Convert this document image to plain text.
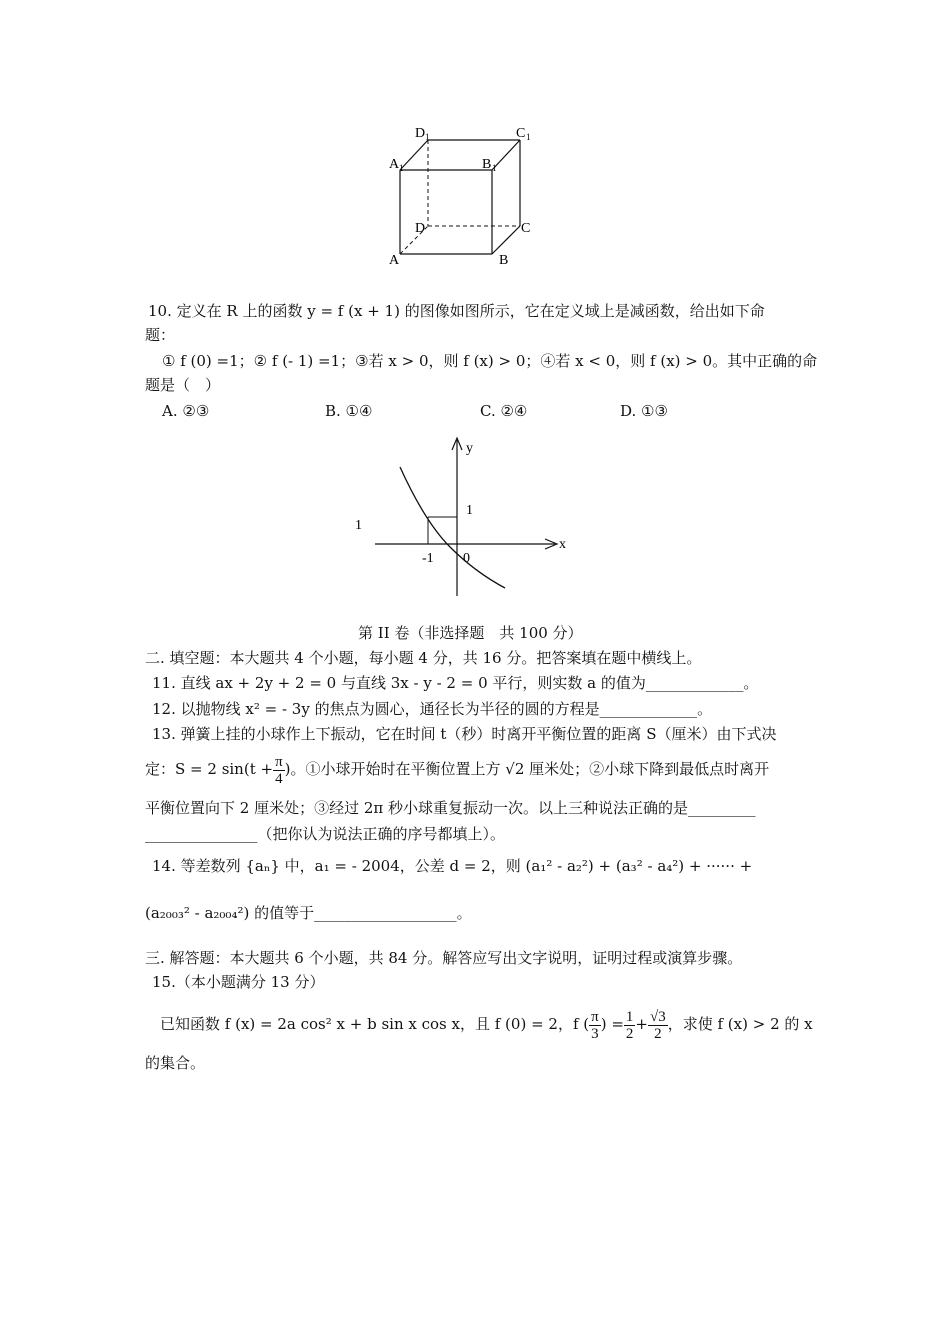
D 1	C 1
A 1	B 1
D	C
A	B
10. 定义在 R 上的函数 y = f (x + 1) 的图像如图所示，它在定义域上是减函数，给出如下命
题：
① f (0) =1；② f (- 1) =1；③若 x > 0，则 f (x) > 0；④若 x < 0，则 f (x) > 0。其中正确的命
题是（　）
A. ②③	B. ①④	C. ②④	D. ①③
y
x
1
1
-1 0
第 II 卷（非选择题　共 100 分）
二. 填空题：本大题共 4 个小题，每小题 4 分，共 16 分。把答案填在题中横线上。
11. 直线 ax + 2y + 2 = 0 与直线 3x - y - 2 = 0 平行，则实数 a 的值为_____________。
12. 以抛物线 x² = - 3y 的焦点为圆心，通径长为半径的圆的方程是_____________。
13. 弹簧上挂的小球作上下振动，它在时间 t（秒）时离开平衡位置的距离 S（厘米）由下式决
定：S = 2 $\sin(t + \frac{\pi}{4}$ )。①小球开始时在平衡位置上方 √2 厘米处；②小球下降到最低点时离开
平衡位置向下 2 厘米处；③经过 2π 秒小球重复振动一次。以上三种说法正确的是_________
_______________（把你认为说法正确的序号都填上）。
14. 等差数列 {aₙ} 中，a₁ = - 2004，公差 d = 2，则 (a₁² - a₂²) + (a₃² - a₄²) + ······ +
(a₂₀₀₃² - a₂₀₀₄²) 的值等于___________________。
三. 解答题：本大题共 6 个小题，共 84 分。解答应写出文字说明，证明过程或演算步骤。
15.（本小题满分 13 分）
已知函数 f (x) = 2a cos² x + b sin x cos x，且 f (0) = 2，f ( $\frac{\pi}{3}$ ) = $\frac{1}{2} + \frac{√3}{2}$ ，求使 f (x) > 2 的 x
的集合。
